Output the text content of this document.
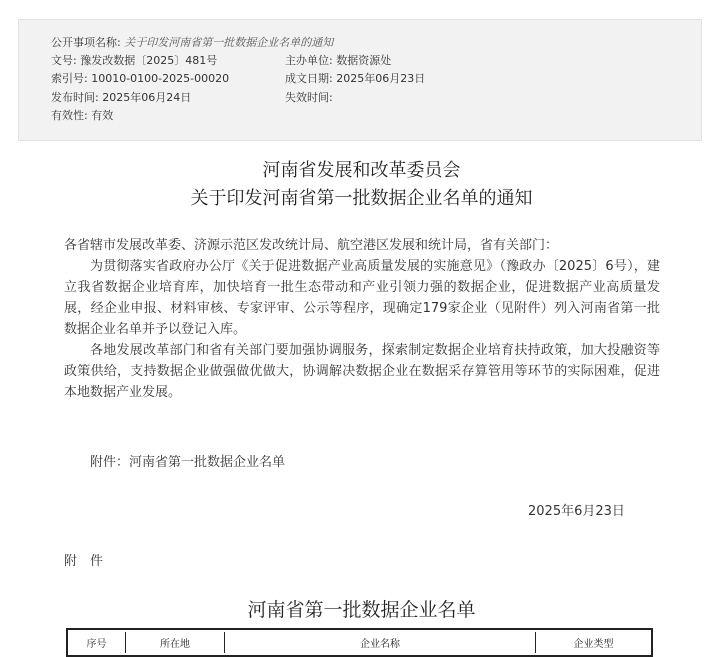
公开事项名称: 关于印发河南省第一批数据企业名单的通知
文号: 豫发改数据〔2025〕481号	主办单位: 数据资源处
索引号: 10010-0100-2025-00020	成文日期: 2025年06月23日
发布时间: 2025年06月24日	失效时间:
有效性: 有效
河南省发展和改革委员会
关于印发河南省第一批数据企业名单的通知

各省辖市发展改革委、济源示范区发改统计局、航空港区发展和统计局，省有关部门：

为贯彻落实省政府办公厅《关于促进数据产业高质量发展的实施意见》（豫政办〔2025〕6号），建立我省数据企业培育库，加快培育一批生态带动和产业引领力强的数据企业，促进数据产业高质量发展，经企业申报、材料审核、专家评审、公示等程序，现确定179家企业（见附件）列入河南省第一批数据企业名单并予以登记入库。

各地发展改革部门和省有关部门要加强协调服务，探索制定数据企业培育扶持政策，加大投融资等政策供给，支持数据企业做强做优做大，协调解决数据企业在数据采存算管用等环节的实际困难，促进本地数据产业发展。

附件：河南省第一批数据企业名单

2025年6月23日
附　件
河南省第一批数据企业名单
序号	所在地	企业名称	企业类型
